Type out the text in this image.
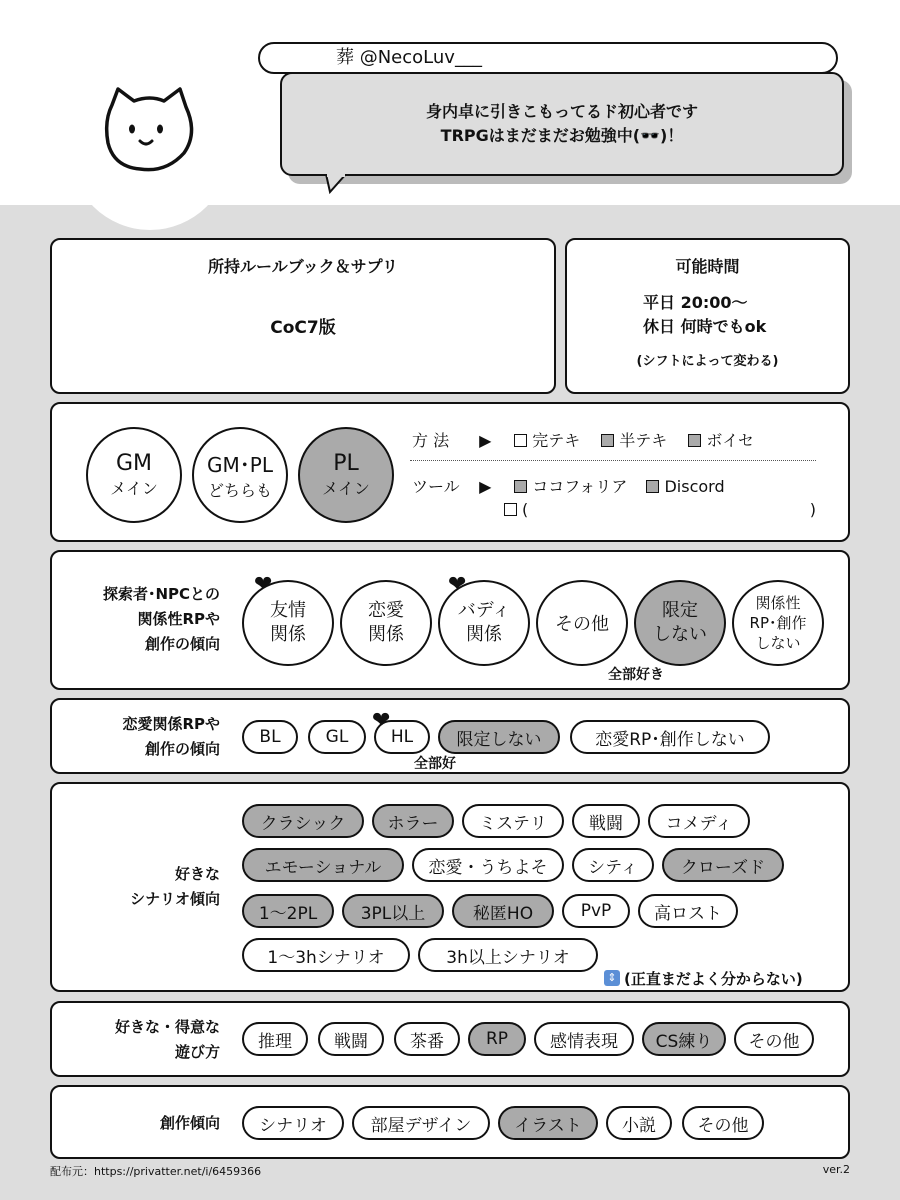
葬 @NecoLuv___
身内卓に引きこもってるド初心者です
TRPGはまだまだお勉強中(🕶️)！
所持ルールブック＆サプリ
CoC7版
可能時間
平日 20:00〜
休日 何時でもok
(シフトによって変わる)
GM
メイン
GM･PL
どちらも
PL
メイン
方 法 ▶	完テキ 半テキ ボイセ
ツール ▶	ココフォリア Discord
(	)
探索者･NPCとの
関係性RPや
創作の傾向
友情
関係
❤
恋愛
関係
バディ
関係
❤
その他
限定
しない
関係性
RP･創作
しない
全部好き
恋愛関係RPや
創作の傾向
BL	GL	HL
❤
限定しない	恋愛RP･創作しない
全部好
好きな
シナリオ傾向
クラシック	ホラー	ミステリ	戦闘	コメディ
エモーショナル	恋愛・うちよそ	シティ	クローズド
1〜2PL	3PL以上	秘匿HO	PvP	高ロスト
1〜3hシナリオ	3h以上シナリオ
⇕ (正直まだよく分からない)
好きな・得意な
遊び方
推理	戦闘	茶番	RP	感情表現	CS練り	その他
創作傾向	シナリオ	部屋デザイン	イラスト	小説	その他
配布元：https://privatter.net/i/6459366	ver.2
